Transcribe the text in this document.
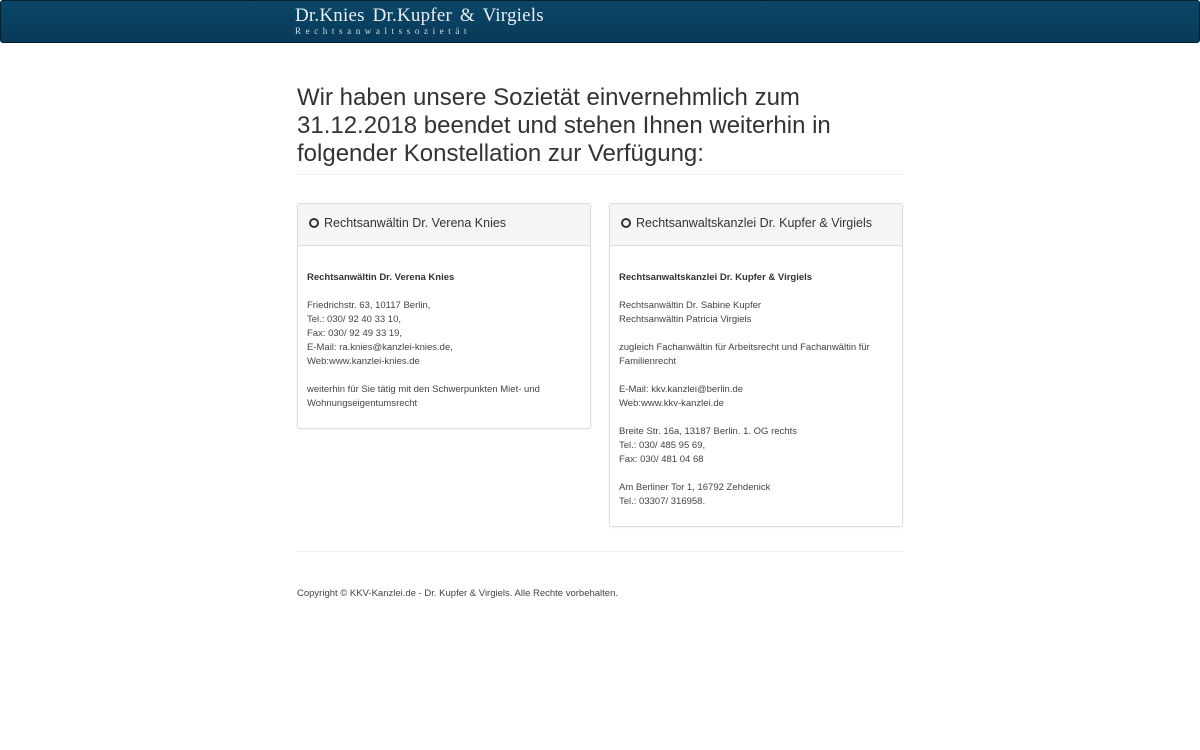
Dr.Knies Dr.Kupfer & Virgiels
Rechtsanwaltssozietät
Wir haben unsere Sozietät einvernehmlich zum 31.12.2018 beendet und stehen Ihnen weiterhin in folgender Konstellation zur Verfügung:
Rechtsanwältin Dr. Verena Knies

Rechtsanwältin Dr. Verena Knies

Friedrichstr. 63, 10117 Berlin,
Tel.: 030/ 92 40 33 10,
Fax: 030/ 92 49 33 19,
E-Mail: ra.knies@kanzlei-knies.de,
Web:www.kanzlei-knies.de

weiterhin für Sie tätig mit den Schwerpunkten Miet- und Wohnungseigentumsrecht

Rechtsanwaltskanzlei Dr. Kupfer & Virgiels

Rechtsanwaltskanzlei Dr. Kupfer & Virgiels

Rechtsanwältin Dr. Sabine Kupfer
Rechtsanwältin Patricia Virgiels

zugleich Fachanwältin für Arbeitsrecht und Fachanwältin für Familienrecht

E-Mail: kkv.kanzlei@berlin.de
Web:www.kkv-kanzlei.de

Breite Str. 16a, 13187 Berlin. 1. OG rechts
Tel.: 030/ 485 95 69,
Fax: 030/ 481 04 68

Am Berliner Tor 1, 16792 Zehdenick
Tel.: 03307/ 316958.

Copyright © KKV-Kanzlei.de - Dr. Kupfer & Virgiels. Alle Rechte vorbehalten.
